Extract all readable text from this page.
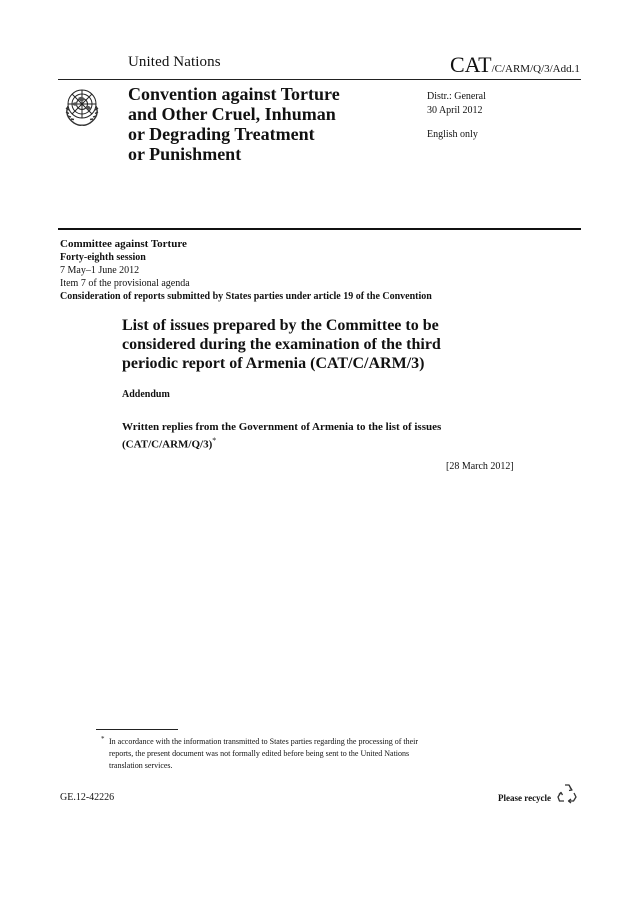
United Nations	CAT/C/ARM/Q/3/Add.1
Convention against Torture
and Other Cruel, Inhuman
or Degrading Treatment
or Punishment
Distr.: General
30 April 2012
English only
Committee against Torture
Forty-eighth session
7 May–1 June 2012
Item 7 of the provisional agenda
Consideration of reports submitted by States parties under article 19 of the Convention
List of issues prepared by the Committee to be
considered during the examination of the third
periodic report of Armenia (CAT/C/ARM/3)
Addendum
Written replies from the Government of Armenia to the list of issues
(CAT/C/ARM/Q/3)*
[28 March 2012]
* In accordance with the information transmitted to States parties regarding the processing of their
reports, the present document was not formally edited before being sent to the United Nations
translation services.
GE.12-42226	Please recycle
